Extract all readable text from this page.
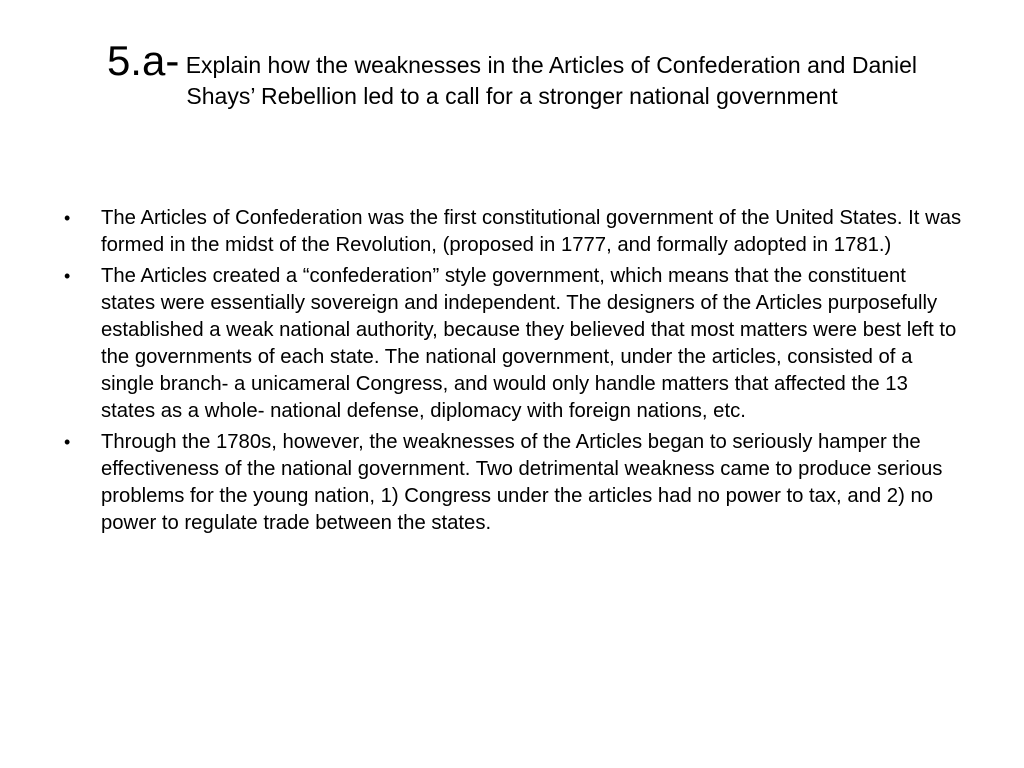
5.a- Explain how the weaknesses in the Articles of Confederation and Daniel Shays’ Rebellion led to a call for a stronger national government
• The Articles of Confederation was the first constitutional government of the United States. It was formed in the midst of the Revolution, (proposed in 1777, and formally adopted in 1781.)
• The Articles created a “confederation” style government, which means that the constituent states were essentially sovereign and independent. The designers of the Articles purposefully established a weak national authority, because they believed that most matters were best left to the governments of each state. The national government, under the articles, consisted of a single branch- a unicameral Congress, and would only handle matters that affected the 13 states as a whole- national defense, diplomacy with foreign nations, etc.
• Through the 1780s, however, the weaknesses of the Articles began to seriously hamper the effectiveness of the national government. Two detrimental weakness came to produce serious problems for the young nation, 1) Congress under the articles had no power to tax, and 2) no power to regulate trade between the states.
